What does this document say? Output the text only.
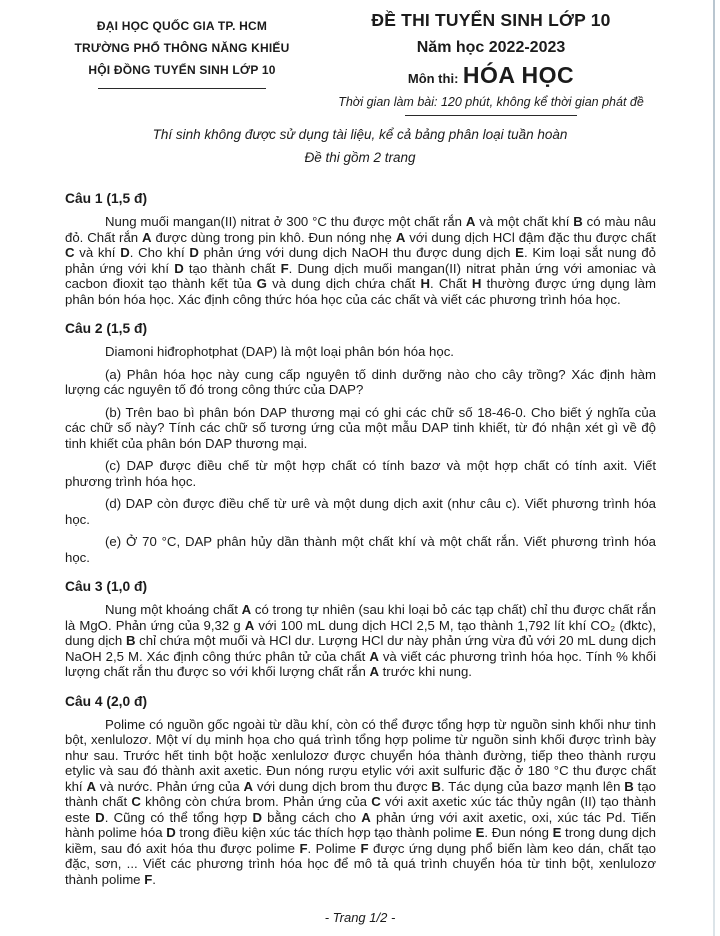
ĐẠI HỌC QUỐC GIA TP. HCM
TRƯỜNG PHỔ THÔNG NĂNG KHIẾU
HỘI ĐỒNG TUYỂN SINH LỚP 10
ĐỀ THI TUYỂN SINH LỚP 10
Năm học 2022-2023
Môn thi: HÓA HỌC
Thời gian làm bài: 120 phút, không kể thời gian phát đề
Thí sinh không được sử dụng tài liệu, kể cả bảng phân loại tuần hoàn
Đề thi gồm 2 trang
Câu 1 (1,5 đ)

Nung muối mangan(II) nitrat ở 300 °C thu được một chất rắn A và một chất khí B có màu nâu đỏ. Chất rắn A được dùng trong pin khô. Đun nóng nhẹ A với dung dịch HCl đậm đặc thu được chất C và khí D. Cho khí D phản ứng với dung dịch NaOH thu được dung dịch E. Kim loại sắt nung đỏ phản ứng với khí D tạo thành chất F. Dung dịch muối mangan(II) nitrat phản ứng với amoniac và cacbon đioxit tạo thành kết tủa G và dung dịch chứa chất H. Chất H thường được ứng dụng làm phân bón hóa học. Xác định công thức hóa học của các chất và viết các phương trình hóa học.

Câu 2 (1,5 đ)

Diamoni hiđrophotphat (DAP) là một loại phân bón hóa học.

(a) Phân hóa học này cung cấp nguyên tố dinh dưỡng nào cho cây trồng? Xác định hàm lượng các nguyên tố đó trong công thức của DAP?

(b) Trên bao bì phân bón DAP thương mại có ghi các chữ số 18-46-0. Cho biết ý nghĩa của các chữ số này? Tính các chữ số tương ứng của một mẫu DAP tinh khiết, từ đó nhận xét gì về độ tinh khiết của phân bón DAP thương mại.

(c) DAP được điều chế từ một hợp chất có tính bazơ và một hợp chất có tính axit. Viết phương trình hóa học.

(d) DAP còn được điều chế từ urê và một dung dịch axit (như câu c). Viết phương trình hóa học.

(e) Ở 70 °C, DAP phân hủy dần thành một chất khí và một chất rắn. Viết phương trình hóa học.

Câu 3 (1,0 đ)

Nung một khoáng chất A có trong tự nhiên (sau khi loại bỏ các tạp chất) chỉ thu được chất rắn là MgO. Phản ứng của 9,32 g A với 100 mL dung dịch HCl 2,5 M, tạo thành 1,792 lít khí CO₂ (đktc), dung dịch B chỉ chứa một muối và HCl dư. Lượng HCl dư này phản ứng vừa đủ với 20 mL dung dịch NaOH 2,5 M. Xác định công thức phân tử của chất A và viết các phương trình hóa học. Tính % khối lượng chất rắn thu được so với khối lượng chất rắn A trước khi nung.

Câu 4 (2,0 đ)

Polime có nguồn gốc ngoài từ dầu khí, còn có thể được tổng hợp từ nguồn sinh khối như tinh bột, xenlulozơ. Một ví dụ minh họa cho quá trình tổng hợp polime từ nguồn sinh khối được trình bày như sau. Trước hết tinh bột hoặc xenlulozơ được chuyển hóa thành đường, tiếp theo thành rượu etylic và sau đó thành axit axetic. Đun nóng rượu etylic với axit sulfuric đặc ở 180 °C thu được chất khí A và nước. Phản ứng của A với dung dịch brom thu được B. Tác dụng của bazơ mạnh lên B tạo thành chất C không còn chứa brom. Phản ứng của C với axit axetic xúc tác thủy ngân (II) tạo thành este D. Cũng có thể tổng hợp D bằng cách cho A phản ứng với axit axetic, oxi, xúc tác Pd. Tiến hành polime hóa D trong điều kiện xúc tác thích hợp tạo thành polime E. Đun nóng E trong dung dịch kiềm, sau đó axit hóa thu được polime F. Polime F được ứng dụng phổ biến làm keo dán, chất tạo đặc, sơn, ... Viết các phương trình hóa học để mô tả quá trình chuyển hóa từ tinh bột, xenlulozơ thành polime F.

- Trang 1/2 -
